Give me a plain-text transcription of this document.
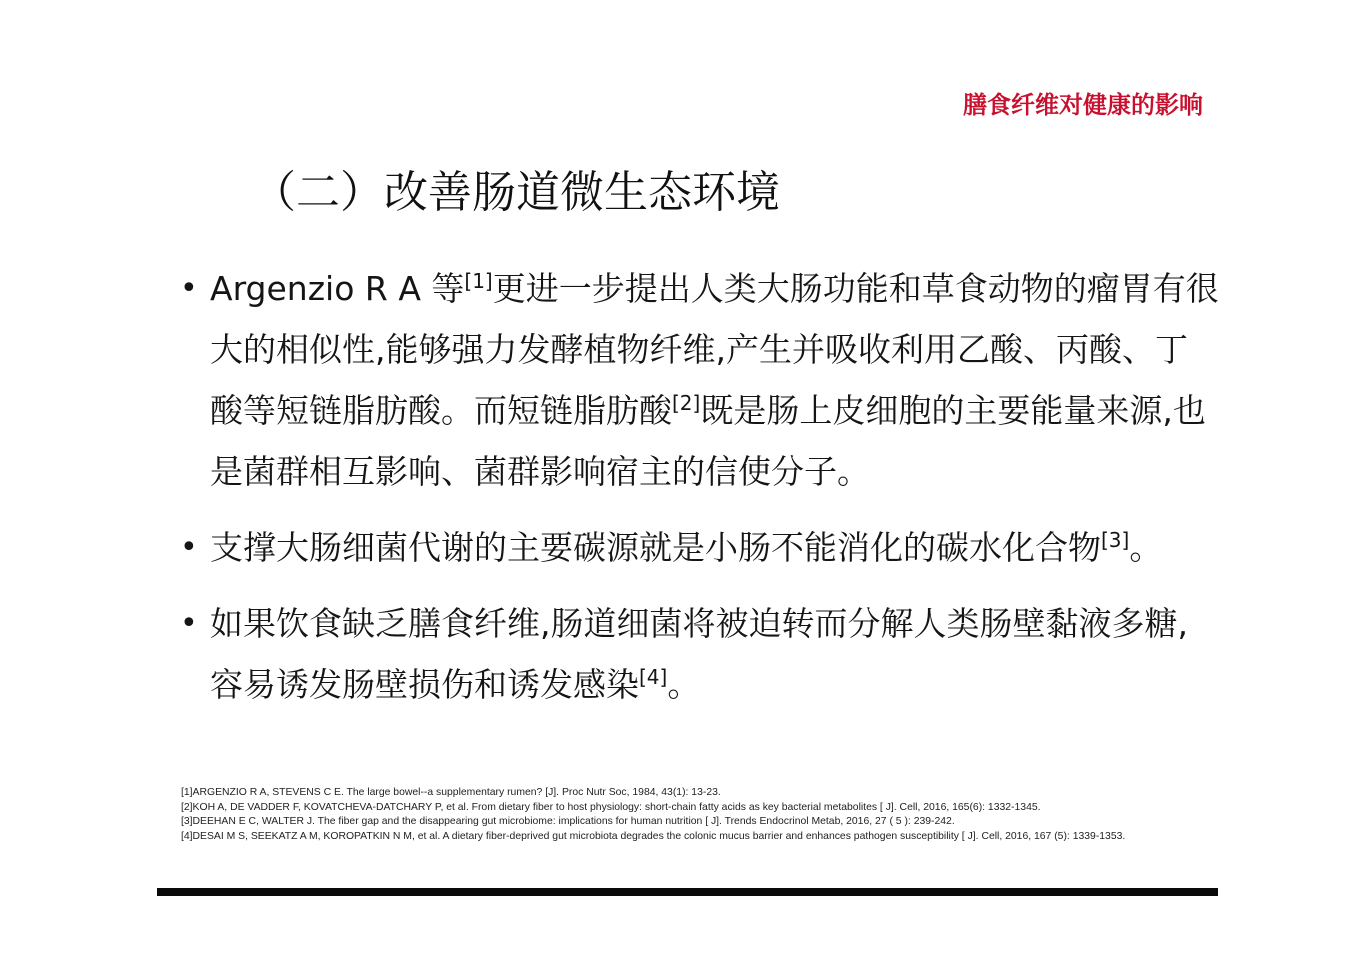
膳食纤维对健康的影响
（二）改善肠道微生态环境
• Argenzio R A 等[1]更进一步提出人类大肠功能和草食动物的瘤胃有很大的相似性,能够强力发酵植物纤维,产生并吸收利用乙酸、丙酸、丁酸等短链脂肪酸。而短链脂肪酸[2]既是肠上皮细胞的主要能量来源,也是菌群相互影响、菌群影响宿主的信使分子。
• 支撑大肠细菌代谢的主要碳源就是小肠不能消化的碳水化合物[3]。
• 如果饮食缺乏膳食纤维,肠道细菌将被迫转而分解人类肠壁黏液多糖,容易诱发肠壁损伤和诱发感染[4]。
[1]ARGENZIO R A, STEVENS C E. The large bowel--a supplementary rumen? [J]. Proc Nutr Soc, 1984, 43(1): 13-23.
[2]KOH A, DE VADDER F, KOVATCHEVA-DATCHARY P, et al. From dietary fiber to host physiology: short-chain fatty acids as key bacterial metabolites [ J]. Cell, 2016, 165(6): 1332-1345.
[3]DEEHAN E C, WALTER J. The fiber gap and the disappearing gut microbiome: implications for human nutrition [ J]. Trends Endocrinol Metab, 2016, 27 ( 5 ): 239-242.
[4]DESAI M S, SEEKATZ A M, KOROPATKIN N M, et al. A dietary fiber-deprived gut microbiota degrades the colonic mucus barrier and enhances pathogen susceptibility [ J]. Cell, 2016, 167 (5): 1339-1353.
